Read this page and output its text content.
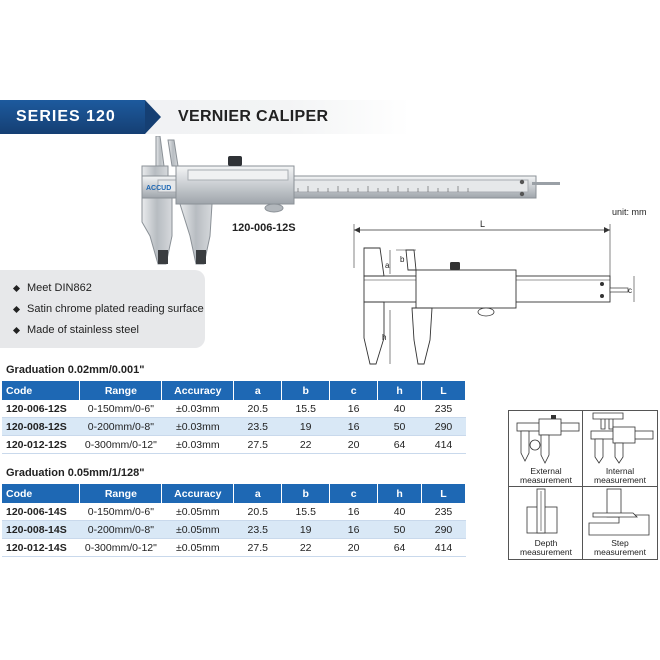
SERIES 120	VERNIER CALIPER
ACCUD
120-006-12S
unit: mm
L
a
b
h
c
Meet DIN862
Satin chrome plated reading surface
Made of stainless steel
Graduation 0.02mm/0.001"
Code	Range	Accuracy	a	b	c	h	L
120-006-12S	0-150mm/0-6"	±0.03mm	20.5	15.5	16	40	235
120-008-12S	0-200mm/0-8"	±0.03mm	23.5	19	16	50	290
120-012-12S	0-300mm/0-12"	±0.03mm	27.5	22	20	64	414
Graduation 0.05mm/1/128"
Code	Range	Accuracy	a	b	c	h	L
120-006-14S	0-150mm/0-6"	±0.05mm	20.5	15.5	16	40	235
120-008-14S	0-200mm/0-8"	±0.05mm	23.5	19	16	50	290
120-012-14S	0-300mm/0-12"	±0.05mm	27.5	22	20	64	414
External
measurement
Internal
measurement
Depth
measurement
Step
measurement
